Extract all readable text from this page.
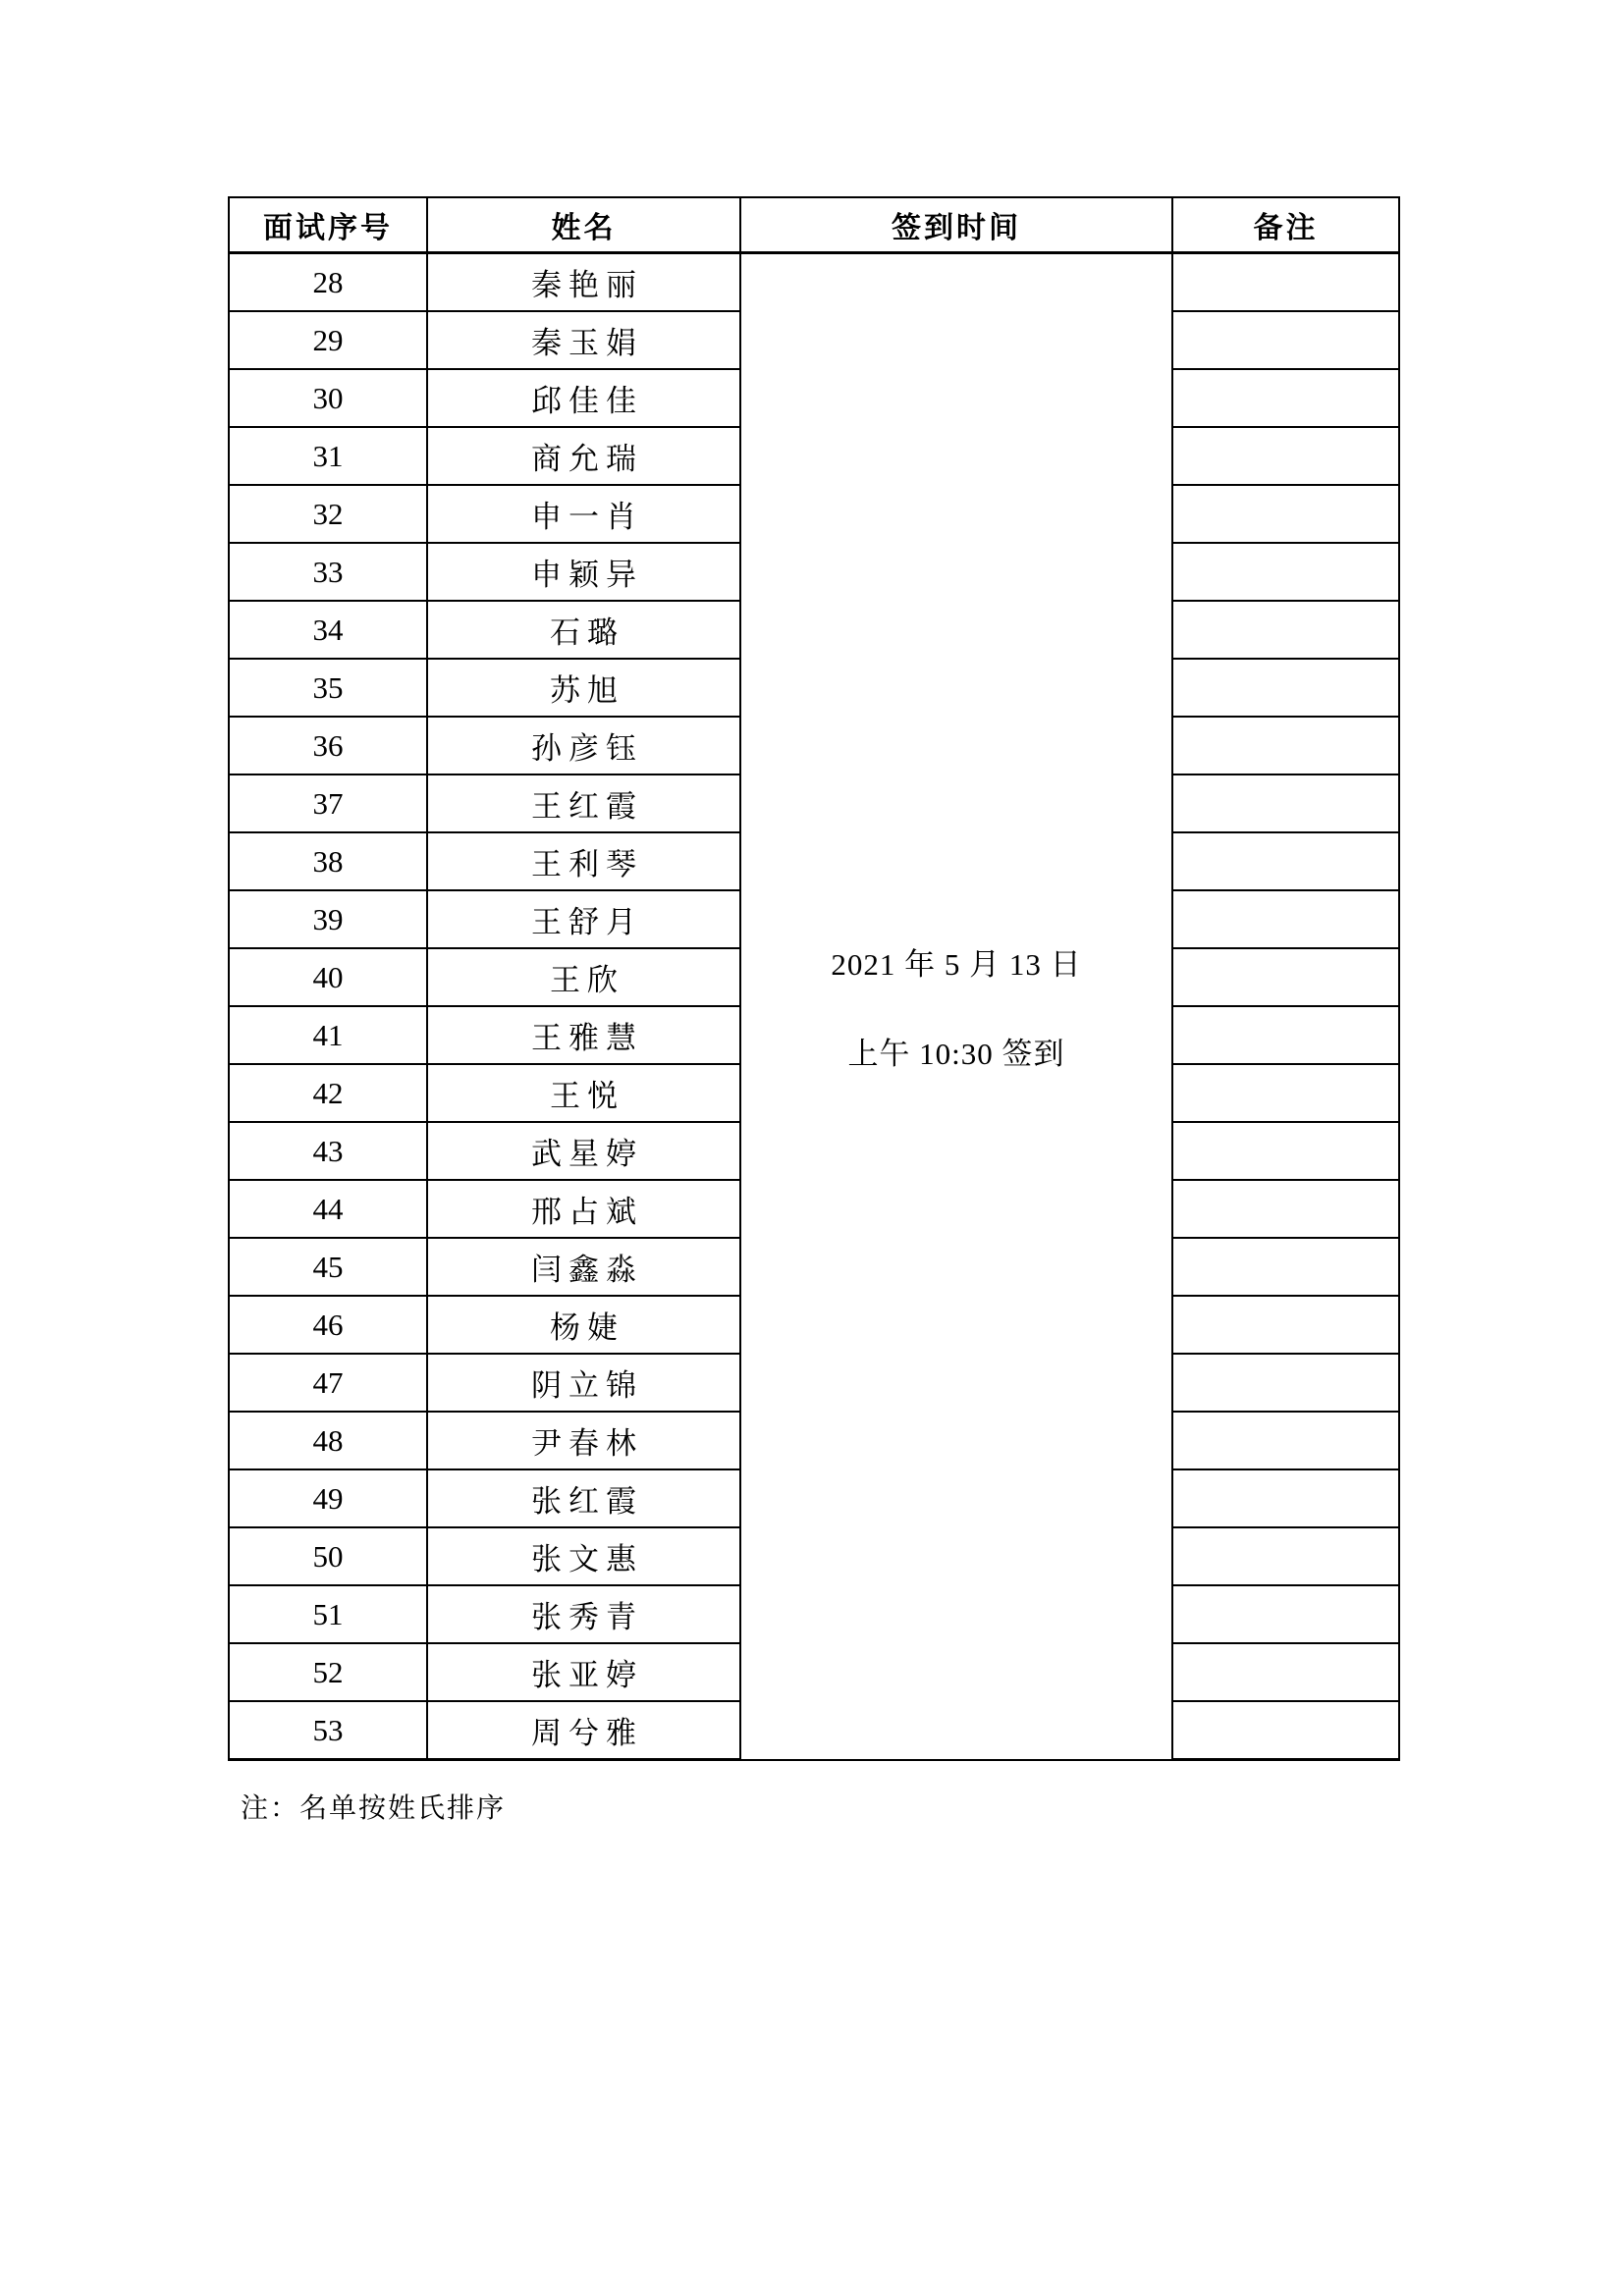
面试序号	姓名	签到时间	备注
28	秦艳丽	2021 年 5 月 13 日
上午 10:30 签到	

29	秦玉娟		
30	邱佳佳		
31	商允瑞		
32	申一肖		
33	申颖异		
34	石璐		
35	苏旭		
36	孙彦钰		
37	王红霞		
38	王利琴		
39	王舒月		
40	王欣		
41	王雅慧		
42	王悦		
43	武星婷		
44	邢占斌		
45	闫鑫淼		
46	杨婕		
47	阴立锦		
48	尹春林		
49	张红霞		
50	张文惠		
51	张秀青		
52	张亚婷		
53	周兮雅		
注：名单按姓氏排序
